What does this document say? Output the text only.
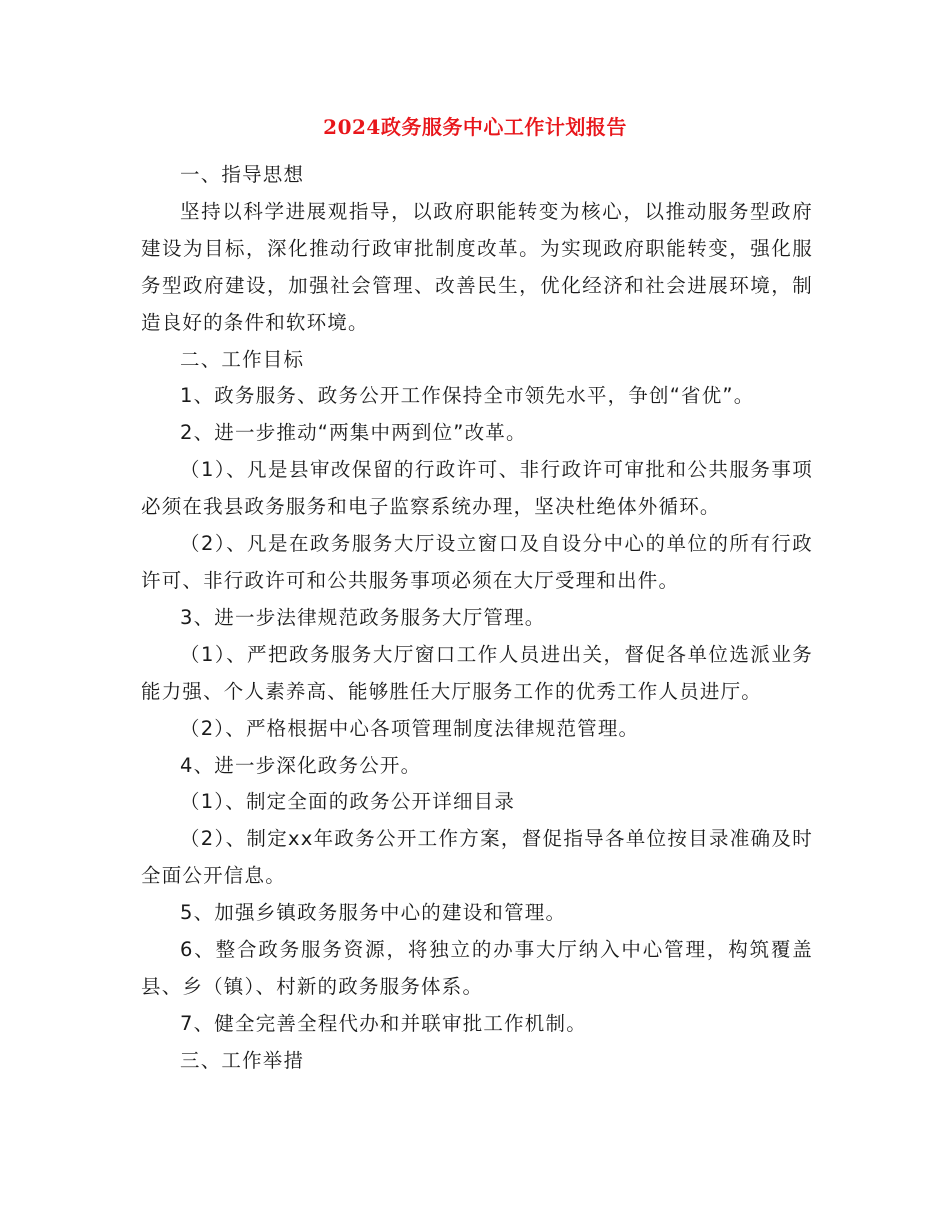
2024政务服务中心工作计划报告

一、指导思想

坚持以科学进展观指导，以政府职能转变为核心，以推动服务型政府建设为目标，深化推动行政审批制度改革。为实现政府职能转变，强化服务型政府建设，加强社会管理、改善民生，优化经济和社会进展环境，制造良好的条件和软环境。

二、工作目标

1、政务服务、政务公开工作保持全市领先水平，争创“省优”。

2、进一步推动“两集中两到位”改革。

（1）、凡是县审改保留的行政许可、非行政许可审批和公共服务事项必须在我县政务服务和电子监察系统办理，坚决杜绝体外循环。

（2）、凡是在政务服务大厅设立窗口及自设分中心的单位的所有行政许可、非行政许可和公共服务事项必须在大厅受理和出件。

3、进一步法律规范政务服务大厅管理。

（1）、严把政务服务大厅窗口工作人员进出关，督促各单位选派业务能力强、个人素养高、能够胜任大厅服务工作的优秀工作人员进厅。

（2）、严格根据中心各项管理制度法律规范管理。

4、进一步深化政务公开。

（1）、制定全面的政务公开详细目录

（2）、制定xx年政务公开工作方案，督促指导各单位按目录准确及时全面公开信息。

5、加强乡镇政务服务中心的建设和管理。

6、整合政务服务资源，将独立的办事大厅纳入中心管理，构筑覆盖县、乡（镇）、村新的政务服务体系。

7、健全完善全程代办和并联审批工作机制。

三、工作举措
